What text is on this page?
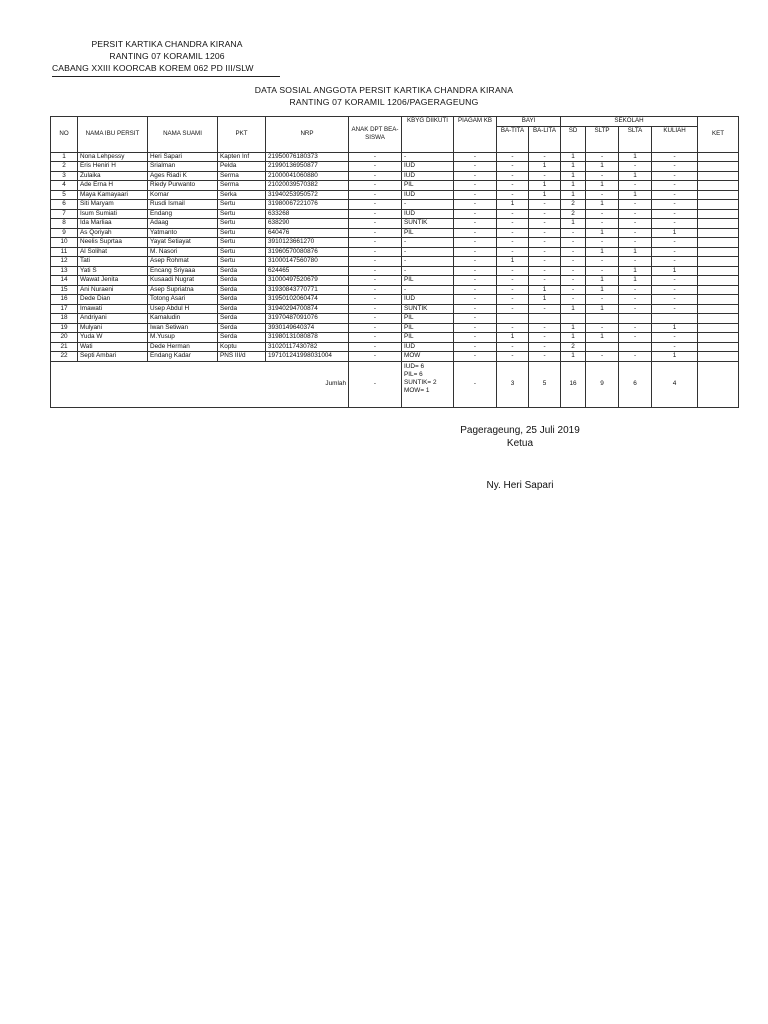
PERSIT KARTIKA CHANDRA KIRANA
RANTING 07 KORAMIL 1206
CABANG XXIII KOORCAB KOREM 062 PD III/SLW
DATA SOSIAL ANGGOTA PERSIT KARTIKA CHANDRA KIRANA
RANTING 07 KORAMIL 1206/PAGERAGEUNG
NO	NAMA IBU PERSIT	NAMA SUAMI	PKT	NRP	ANAK DPT BEA-SISWA	KBYG DIIKUTI	PIAGAM KB	BAYI		SEKOLAH				KET
								BA-TITA	BA-LITA	SD	SLTP	SLTA	KULIAH	
1	Nona Lehpessy	Heri Sapari	Kapten Inf	21950076180373	-	-	-	-	-	1	-	1	-	
2	Eris Heniri H	Srialman	Pelda	21990136950877	-	IUD	-	-	1	1	1	-	-	
3	Zulaika	Ages Riadi K	Serma	21000041060880	-	IUD	-	-	-	1	-	1	-	
4	Ade Erna H	Riedy Purwanto	Serma	21020039570382	-	PIL	-	-	1	1	1	-	-	
5	Maya Kamayaari	Komar	Serka	31940253950572	-	IUD	-	-	1	1	-	1	-	
6	Siti Maryam	Rusdi Ismail	Sertu	31980067221076	-	-	-	1	-	2	1	-	-	
7	Isum Sumiati	Endang	Sertu	633268	-	IUD	-	-	-	2	-	-	-	
8	Ida Marliaa	Adaag	Sertu	638290	-	SUNTIK	-	-	-	1	-	-	-	
9	As Qoriyah	Yatmanto	Sertu	640476	-	PIL	-	-	-	-	1	-	1	
10	Neelis Suprtaa	Yayat Setiayat	Sertu	3910123661270	-	-	-	-	-	-	-	-	-	
11	Al Solihat	M. Nasori	Sertu	31960570080876	-	-	-	-	-	-	1	1	-	
12	Tati	Asep Rohmat	Sertu	31000147560780	-	-	-	1	-	-	-	-	-	
13	Yati S	Encang Sriyaaa	Serda	624465	-	-	-	-	-	-	-	1	1	
14	Wawat Jenita	Kusaadi Nugrat	Serda	31000497520679	-	PIL	-	-	-	-	1	1	-	
15	Ani Nuraeni	Asep Supriatna	Serda	31930843770771	-	-	-	-	1	-	1	-	-	
16	Dede Dian	Totong Asari	Serda	31950102060474	-	IUD	-	-	1	-	-	-	-	
17	Imawati	Usep Abdul H	Serda	31940294700874	-	SUNTIK	-	-	-	1	1	-	-	
18	Andriyani	Kamaludin	Serda	31970487091076	-	PIL	-							
19	Mulyani	Iwan Setiwan	Serda	3930149640374	-	PIL	-	-	-	1	-	-	1	
20	Yuda W	M.Yusup	Serda	31980131080878	-	PIL	-	1	-	1	1	-	-	
21	Wati	Dede Herman	Koptu	31020117430782	-	IUD	-	-	-	2			-	
22	Septi Ambari	Endang Kadar	PNS III/d	197101241998031004	-	MOW	-	-	-	1	-	-	1	
Jumlah					-	IUD= 6
PIL= 6
SUNTIK= 2
MOW= 1	-	3	5	16	9	6	4	
Pagerageung, 25 Juli 2019
Ketua
Ny. Heri Sapari
